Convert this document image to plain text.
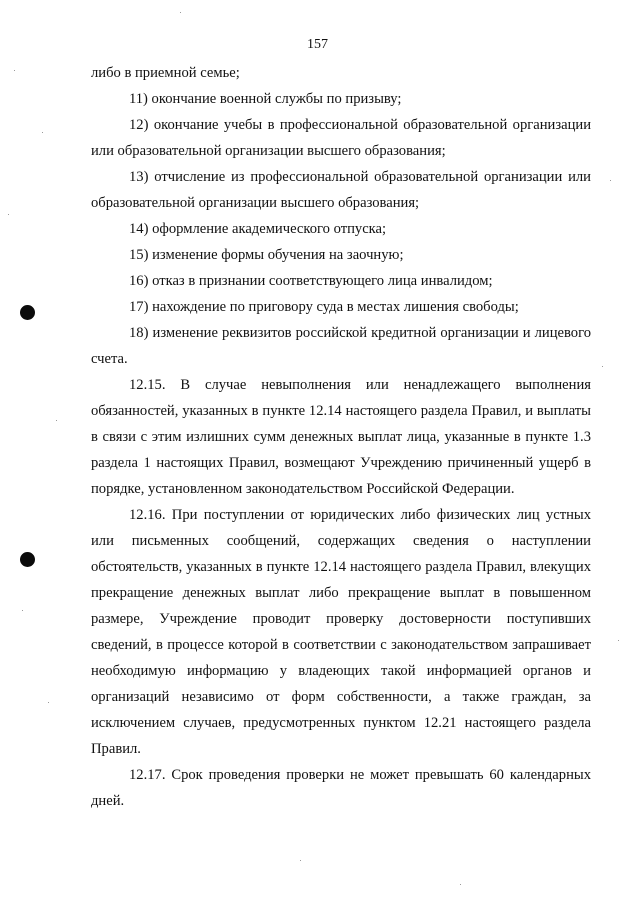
157

либо в приемной семье;

11) окончание военной службы по призыву;

12) окончание учебы в профессиональной образовательной организации или образовательной организации высшего образования;

13) отчисление из профессиональной образовательной организации или образовательной организации высшего образования;

14) оформление академического отпуска;

15) изменение формы обучения на заочную;

16) отказ в признании соответствующего лица инвалидом;

17) нахождение по приговору суда в местах лишения свободы;

18) изменение реквизитов российской кредитной организации и лицевого счета.

12.15. В случае невыполнения или ненадлежащего выполнения обязанностей, указанных в пункте 12.14 настоящего раздела Правил, и выплаты в связи с этим излишних сумм денежных выплат лица, указанные в пункте 1.3 раздела 1 настоящих Правил, возмещают Учреждению причиненный ущерб в порядке, установленном законодательством Российской Федерации.

12.16. При поступлении от юридических либо физических лиц устных или письменных сообщений, содержащих сведения о наступлении обстоятельств, указанных в пункте 12.14 настоящего раздела Правил, влекущих прекращение денежных выплат либо прекращение выплат в повышенном размере, Учреждение проводит проверку достоверности поступивших сведений, в процессе которой в соответствии с законодательством запрашивает необходимую информацию у владеющих такой информацией органов и организаций независимо от форм собственности, а также граждан, за исключением случаев, предусмотренных пунктом 12.21 настоящего раздела Правил.

12.17. Срок проведения проверки не может превышать 60 календарных дней.
